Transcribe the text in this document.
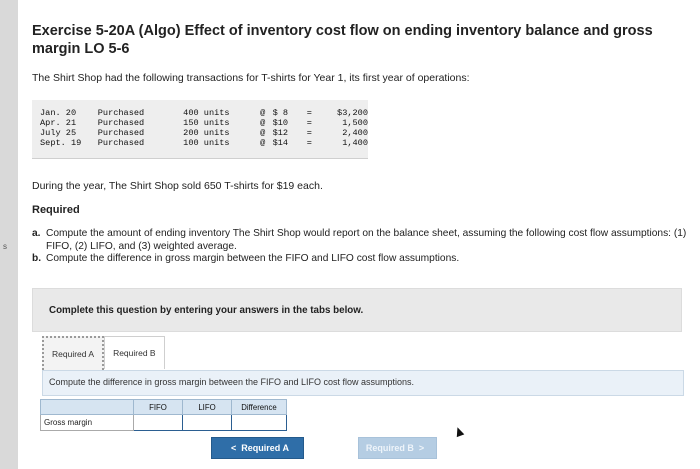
s
Exercise 5-20A (Algo) Effect of inventory cost flow on ending inventory balance and gross margin LO 5-6
The Shirt Shop had the following transactions for T-shirts for Year 1, its first year of operations:
Jan. 20	Purchased	400 units	@	$ 8	=	$3,200
Apr. 21	Purchased	150 units	@	$10	=	1,500
July 25	Purchased	200 units	@	$12	=	2,400
Sept. 19	Purchased	100 units	@	$14	=	1,400
During the year, The Shirt Shop sold 650 T-shirts for $19 each.
Required
a. Compute the amount of ending inventory The Shirt Shop would report on the balance sheet, assuming the following cost flow assumptions: (1) FIFO, (2) LIFO, and (3) weighted average.
b. Compute the difference in gross margin between the FIFO and LIFO cost flow assumptions.
Complete this question by entering your answers in the tabs below.
Required A	Required B
Compute the difference in gross margin between the FIFO and LIFO cost flow assumptions.
	FIFO	LIFO	Difference
Gross margin			
< Required A	Required B >
